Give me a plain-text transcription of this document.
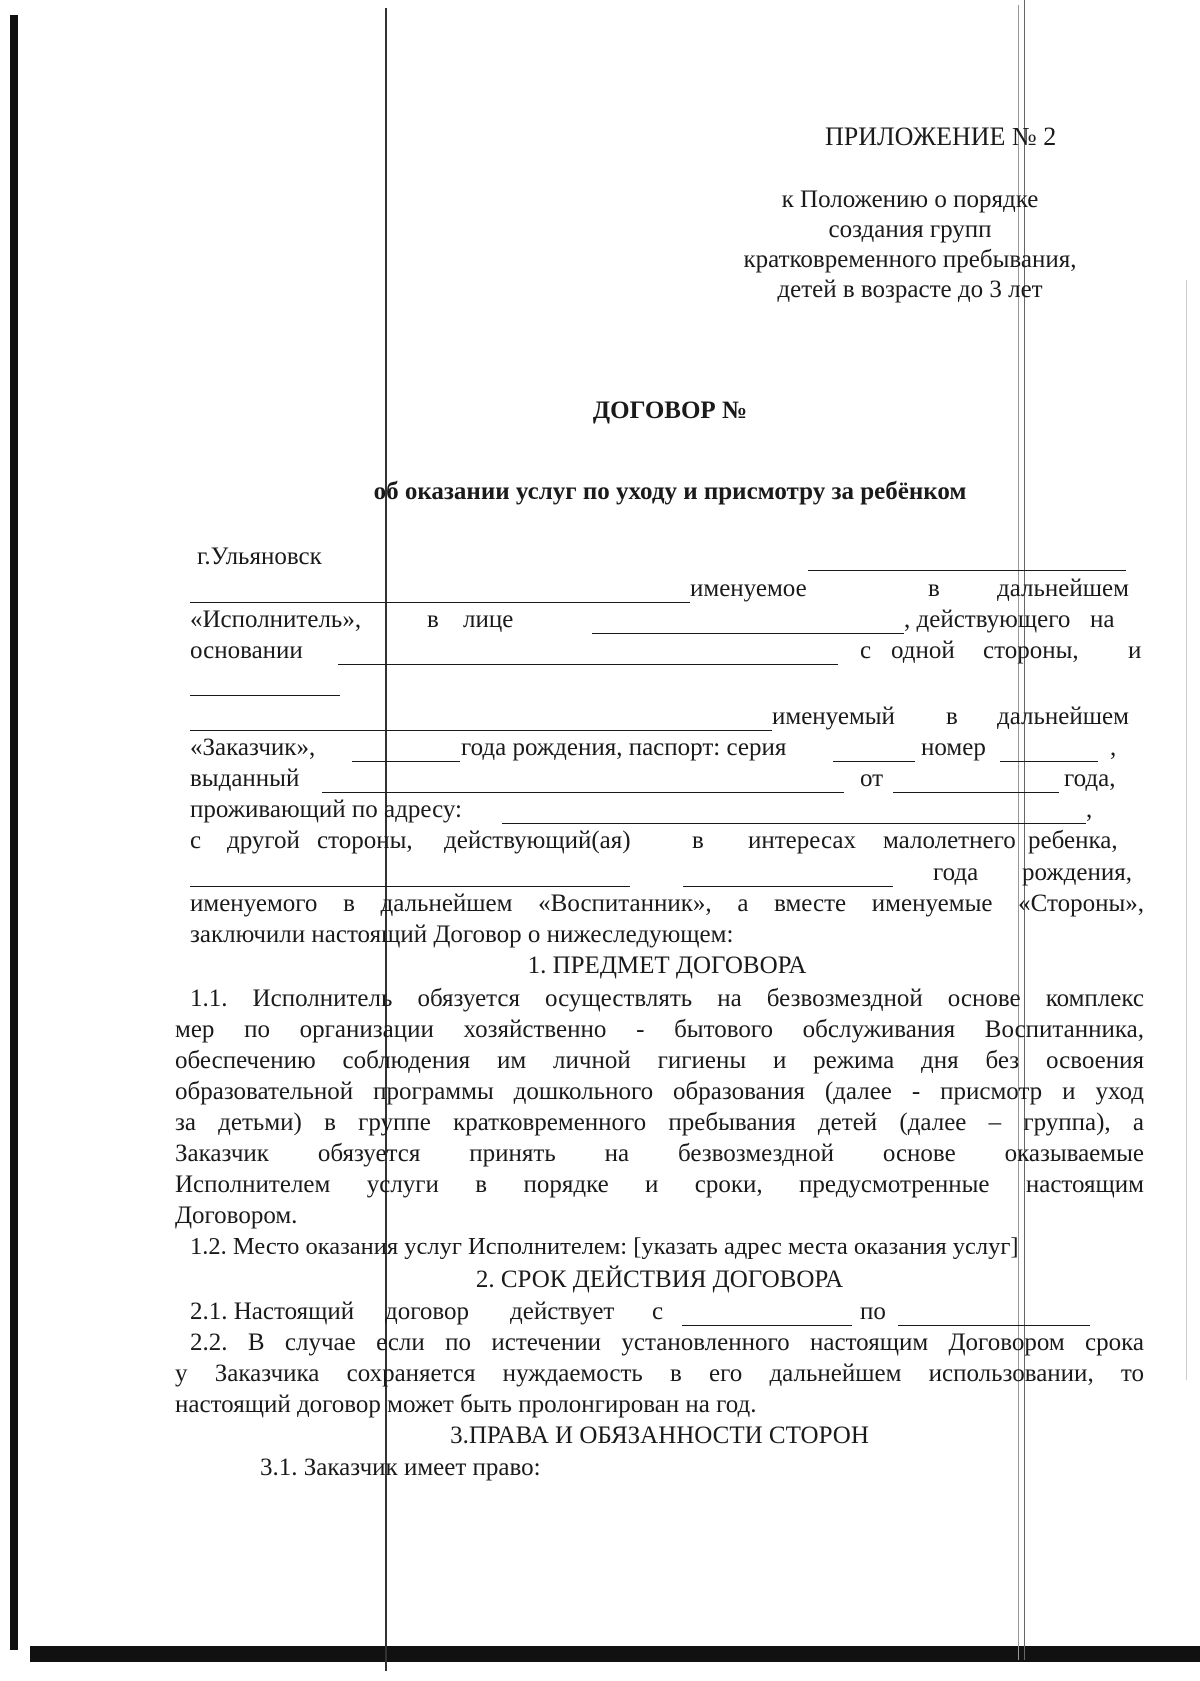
ПРИЛОЖЕНИЕ № 2
к Положению о порядке
создания групп
кратковременного пребывания,
детей в возрасте до 3 лет
ДОГОВОР №
об оказании услуг по уходу и присмотру за ребёнком
г.Ульяновск
именуемое	в дальнейшем
«Исполнитель»,	в лице	, действующего на
основании	с одной стороны, и
именуемый в дальнейшем
«Заказчик»,	года рождения, паспорт: серия	номер	,
выданный	от	года,
проживающий по адресу:	,
с другой стороны, действующий(ая) в интересах малолетнего ребенка,
года рождения,
именуемого в дальнейшем «Воспитанник», а вместе именуемые «Стороны»,
заключили настоящий Договор о нижеследующем:
1. ПРЕДМЕТ ДОГОВОРА
1.1. Исполнитель обязуется осуществлять на безвозмездной основе комплекс
мер по организации хозяйственно - бытового обслуживания Воспитанника,
обеспечению соблюдения им личной гигиены и режима дня без освоения
образовательной программы дошкольного образования (далее - присмотр и уход
за детьми) в группе кратковременного пребывания детей (далее – группа), а
Заказчик обязуется принять на безвозмездной основе оказываемые
Исполнителем услуги в порядке и сроки, предусмотренные настоящим
Договором.
1.2. Место оказания услуг Исполнителем: [указать адрес места оказания услуг]
2. СРОК ДЕЙСТВИЯ ДОГОВОРА
2.1. Настоящий договор действует с	по
2.2. В случае если по истечении установленного настоящим Договором срока
у Заказчика сохраняется нуждаемость в его дальнейшем использовании, то
настоящий договор может быть пролонгирован на год.
3.ПРАВА И ОБЯЗАННОСТИ СТОРОН
3.1. Заказчик имеет право:
